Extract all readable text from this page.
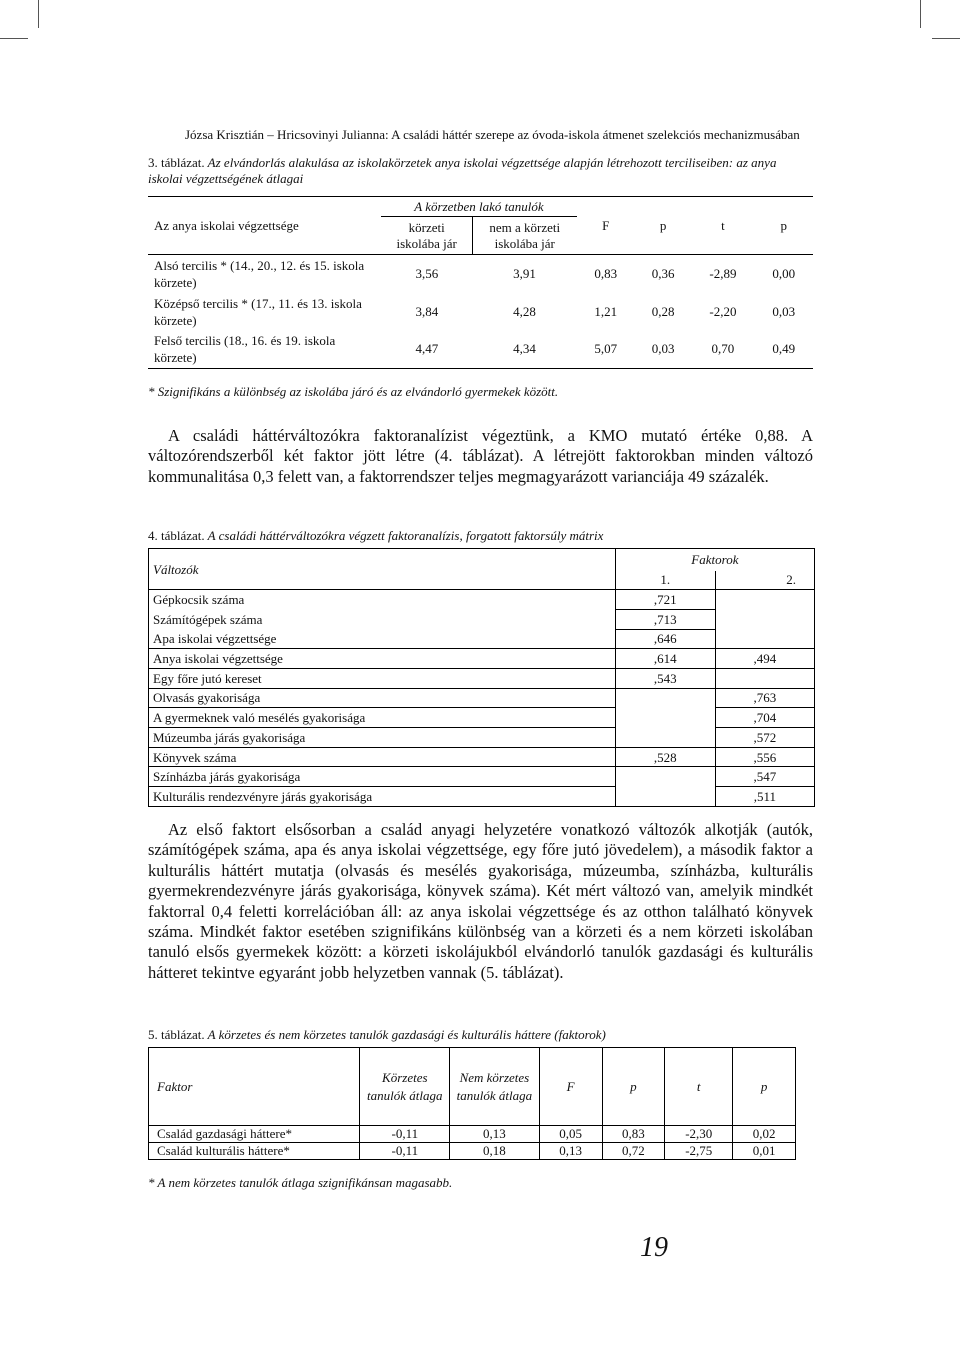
Józsa Krisztián – Hricsovinyi Julianna: A családi háttér szerepe az óvoda-iskola átmenet szelekciós mechanizmusában
3. táblázat. Az elvándorlás alakulása az iskolakörzetek anya iskolai végzettsége alapján létrehozott terciliseiben: az anya iskolai végzettségének átlagai
Az anya iskolai végzettsége	A körzetben lakó tanulók		F	p	t	p
	körzeti iskolába jár	nem a körzeti iskolába jár				
Alsó tercilis * (14., 20., 12. és 15. iskola körzete)	3,56	3,91	0,83	0,36	-2,89	0,00
Középső tercilis * (17., 11. és 13. iskola körzete)	3,84	4,28	1,21	0,28	-2,20	0,03
Felső tercilis (18., 16. és 19. iskola körzete)	4,47	4,34	5,07	0,03	0,70	0,49
* Szignifikáns a különbség az iskolába járó és az elvándorló gyermekek között.

A családi háttérváltozókra faktoranalízist végeztünk, a KMO mutató értéke 0,88. A változórendszerből két faktor jött létre (4. táblázat). A létrejött faktorokban minden változó kommunalitása 0,3 felett van, a faktorrendszer teljes megmagyarázott varianciája 49 százalék.

4. táblázat. A családi háttérváltozókra végzett faktoranalízis, forgatott faktorsúly mátrix
Változók	Faktorok	
	1.	2.
Gépkocsik száma	,721	
Számítógépek száma	,713	
Apa iskolai végzettsége	,646	
Anya iskolai végzettsége	,614	,494
Egy főre jutó kereset	,543	
Olvasás gyakorisága		,763
A gyermeknek való mesélés gyakorisága		,704
Múzeumba járás gyakorisága		,572
Könyvek száma	,528	,556
Színházba járás gyakorisága		,547
Kulturális rendezvényre járás gyakorisága		,511

Az első faktort elsősorban a család anyagi helyzetére vonatkozó változók alkotják (autók, számítógépek száma, apa és anya iskolai végzettsége, egy főre jutó jövedelem), a második faktor a kulturális háttért mutatja (olvasás és mesélés gyakorisága, múzeumba, színházba, kulturális gyermekrendezvényre járás gyakorisága, könyvek száma). Két mért változó van, amelyik mindkét faktorral 0,4 feletti korrelációban áll: az anya iskolai végzettsége és az otthon található könyvek száma. Mindkét faktor esetében szignifikáns különbség van a körzeti és a nem körzeti iskolában tanuló elsős gyermekek között: a körzeti iskolájukból elvándorló tanulók gazdasági és kulturális hátteret tekintve egyaránt jobb helyzetben vannak (5. táblázat).

5. táblázat. A körzetes és nem körzetes tanulók gazdasági és kulturális háttere (faktorok)
Faktor	Körzetes tanulók átlaga	Nem körzetes tanulók átlaga	F	p	t	p
Család gazdasági háttere*	-0,11	0,13	0,05	0,83	-2,30	0,02
Család kulturális háttere*	-0,11	0,18	0,13	0,72	-2,75	0,01
* A nem körzetes tanulók átlaga szignifikánsan magasabb.
19
